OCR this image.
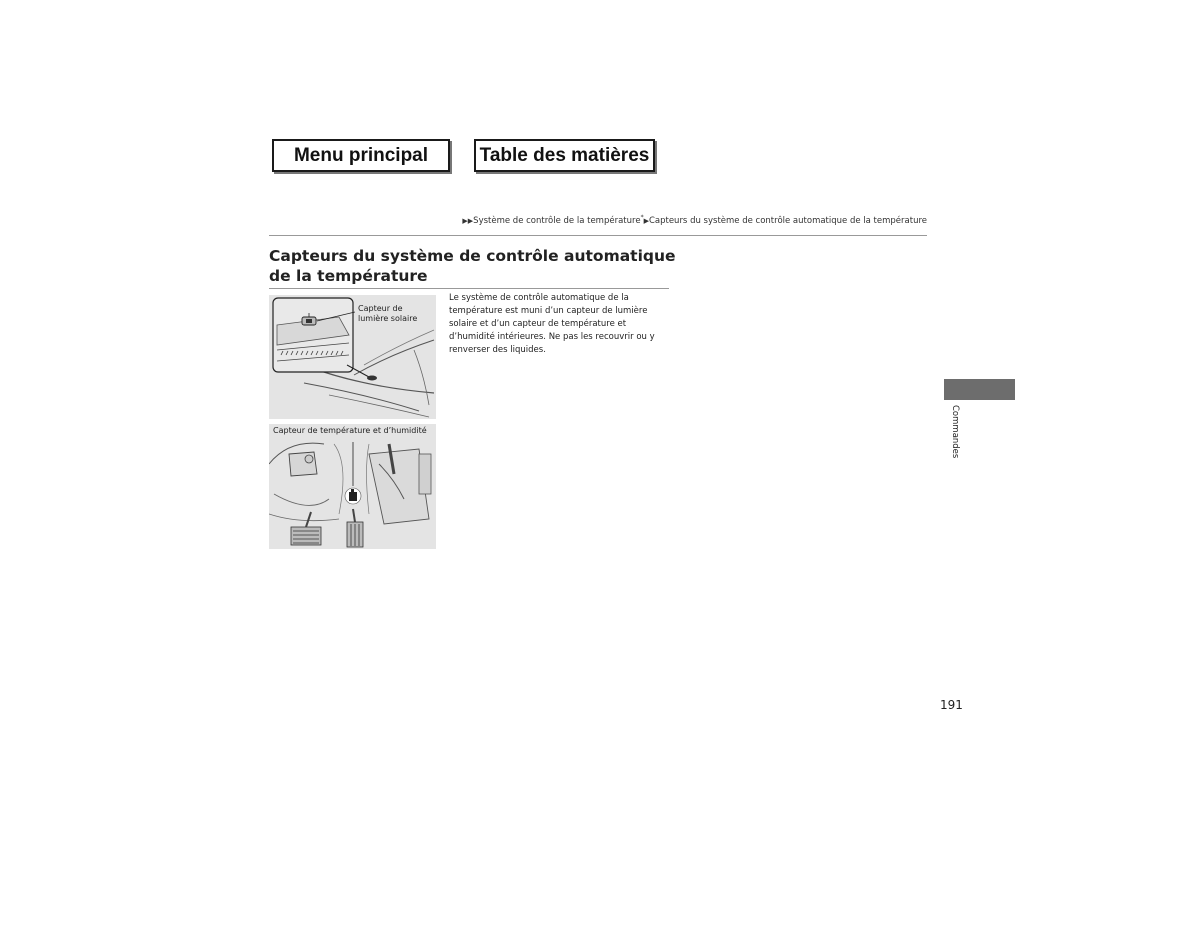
Menu principal	Table des matières
▶▶Système de contrôle de la température*▶Capteurs du système de contrôle automatique de la température
Capteurs du système de contrôle automatique de la température
Capteur de lumière solaire
Capteur de température et d’humidité
Le système de contrôle automatique de la température est muni d’un capteur de lumière solaire et d’un capteur de température et d’humidité intérieures. Ne pas les recouvrir ou y renverser des liquides.
Commandes
191
